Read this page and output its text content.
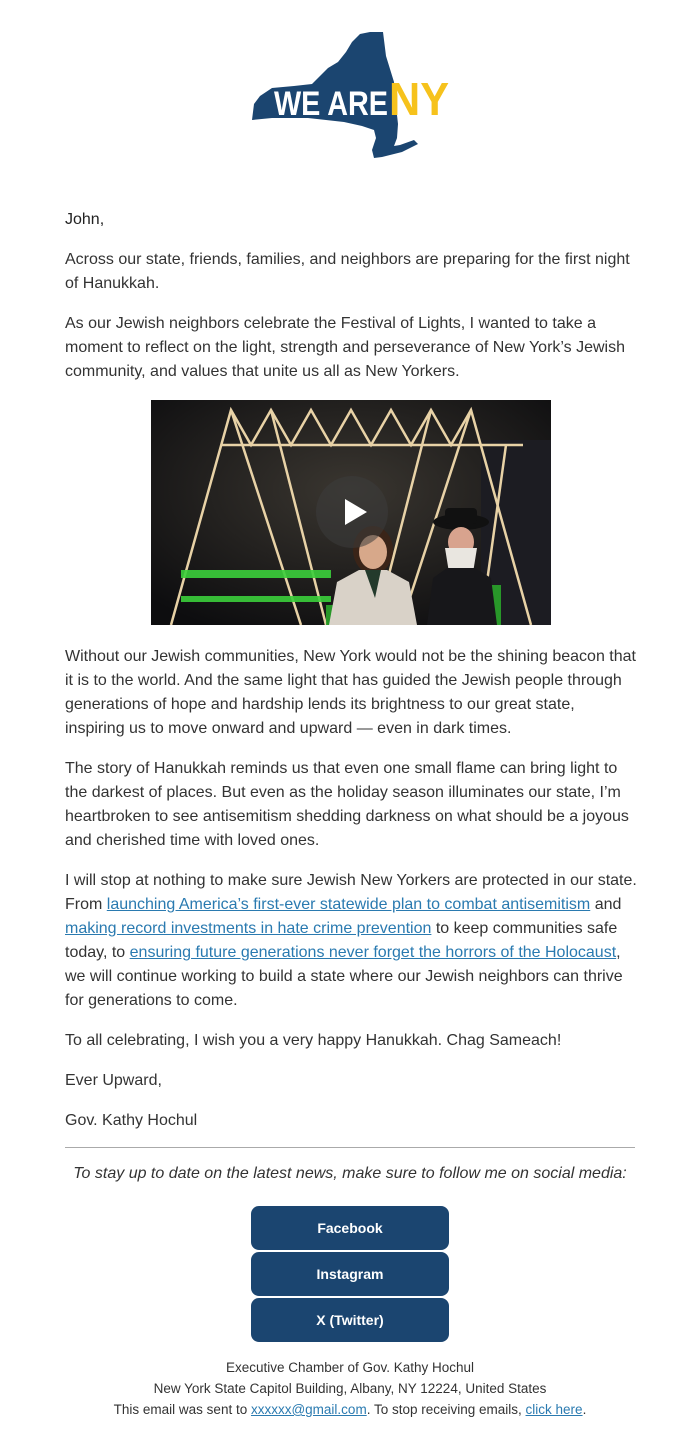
WE ARE NY

John,

Across our state, friends, families, and neighbors are preparing for the first night of Hanukkah.

As our Jewish neighbors celebrate the Festival of Lights, I wanted to take a moment to reflect on the light, strength and perseverance of New York’s Jewish community, and values that unite us all as New Yorkers.

Without our Jewish communities, New York would not be the shining beacon that it is to the world. And the same light that has guided the Jewish people through generations of hope and hardship lends its brightness to our great state, inspiring us to move onward and upward — even in dark times.

The story of Hanukkah reminds us that even one small flame can bring light to the darkest of places. But even as the holiday season illuminates our state, I’m heartbroken to see antisemitism shedding darkness on what should be a joyous and cherished time with loved ones.

I will stop at nothing to make sure Jewish New Yorkers are protected in our state. From launching America’s first-ever statewide plan to combat antisemitism and making record investments in hate crime prevention to keep communities safe today, to ensuring future generations never forget the horrors of the Holocaust, we will continue working to build a state where our Jewish neighbors can thrive for generations to come.

To all celebrating, I wish you a very happy Hanukkah. Chag Sameach!

Ever Upward,

Gov. Kathy Hochul

To stay up to date on the latest news, make sure to follow me on social media:
Facebook
Instagram
X (Twitter)
Executive Chamber of Gov. Kathy Hochul
New York State Capitol Building, Albany, NY 12224, United States
This email was sent to xxxxxx@gmail.com. To stop receiving emails, click here.
